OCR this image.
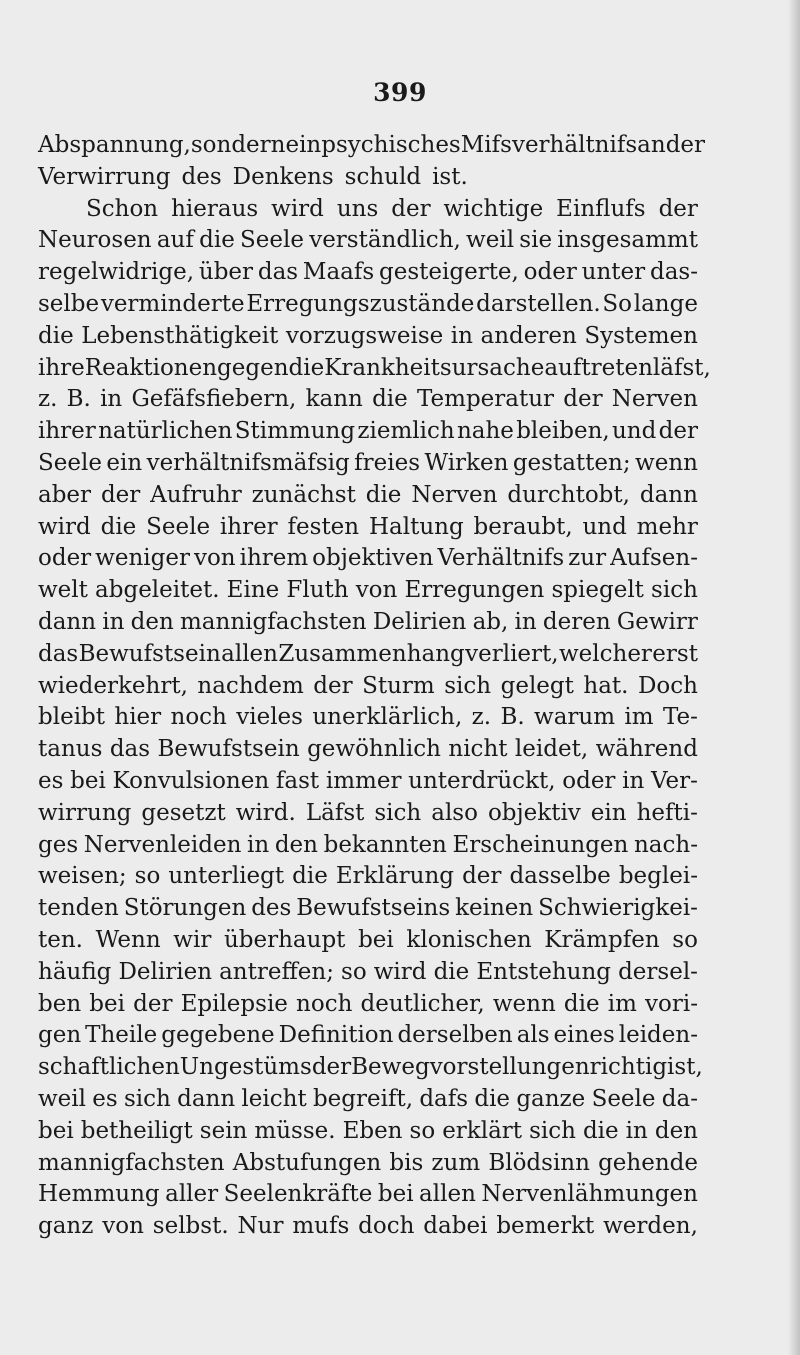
399
Abspannung, sondern ein psychisches Mifsverhältnifs an der
Verwirrung des Denkens schuld ist.
Schon hieraus wird uns der wichtige Einflufs der
Neurosen auf die Seele verständlich, weil sie insgesammt
regelwidrige, über das Maafs gesteigerte, oder unter das-
selbe verminderte Erregungszustände darstellen. So lange
die Lebensthätigkeit vorzugsweise in anderen Systemen
ihre Reaktionen gegen die Krankheitsursache auftreten läfst,
z. B. in Gefäfsfiebern, kann die Temperatur der Nerven
ihrer natürlichen Stimmung ziemlich nahe bleiben, und der
Seele ein verhältnifsmäfsig freies Wirken gestatten; wenn
aber der Aufruhr zunächst die Nerven durchtobt, dann
wird die Seele ihrer festen Haltung beraubt, und mehr
oder weniger von ihrem objektiven Verhältnifs zur Aufsen-
welt abgeleitet. Eine Fluth von Erregungen spiegelt sich
dann in den mannigfachsten Delirien ab, in deren Gewirr
das Bewufstsein allen Zusammenhang verliert, welcher erst
wiederkehrt, nachdem der Sturm sich gelegt hat. Doch
bleibt hier noch vieles unerklärlich, z. B. warum im Te-
tanus das Bewufstsein gewöhnlich nicht leidet, während
es bei Konvulsionen fast immer unterdrückt, oder in Ver-
wirrung gesetzt wird. Läfst sich also objektiv ein hefti-
ges Nervenleiden in den bekannten Erscheinungen nach-
weisen; so unterliegt die Erklärung der dasselbe beglei-
tenden Störungen des Bewufstseins keinen Schwierigkei-
ten. Wenn wir überhaupt bei klonischen Krämpfen so
häufig Delirien antreffen; so wird die Entstehung dersel-
ben bei der Epilepsie noch deutlicher, wenn die im vori-
gen Theile gegebene Definition derselben als eines leiden-
schaftlichen Ungestüms der Bewegvorstellungen richtig ist,
weil es sich dann leicht begreift, dafs die ganze Seele da-
bei betheiligt sein müsse. Eben so erklärt sich die in den
mannigfachsten Abstufungen bis zum Blödsinn gehende
Hemmung aller Seelenkräfte bei allen Nervenlähmungen
ganz von selbst. Nur mufs doch dabei bemerkt werden,
